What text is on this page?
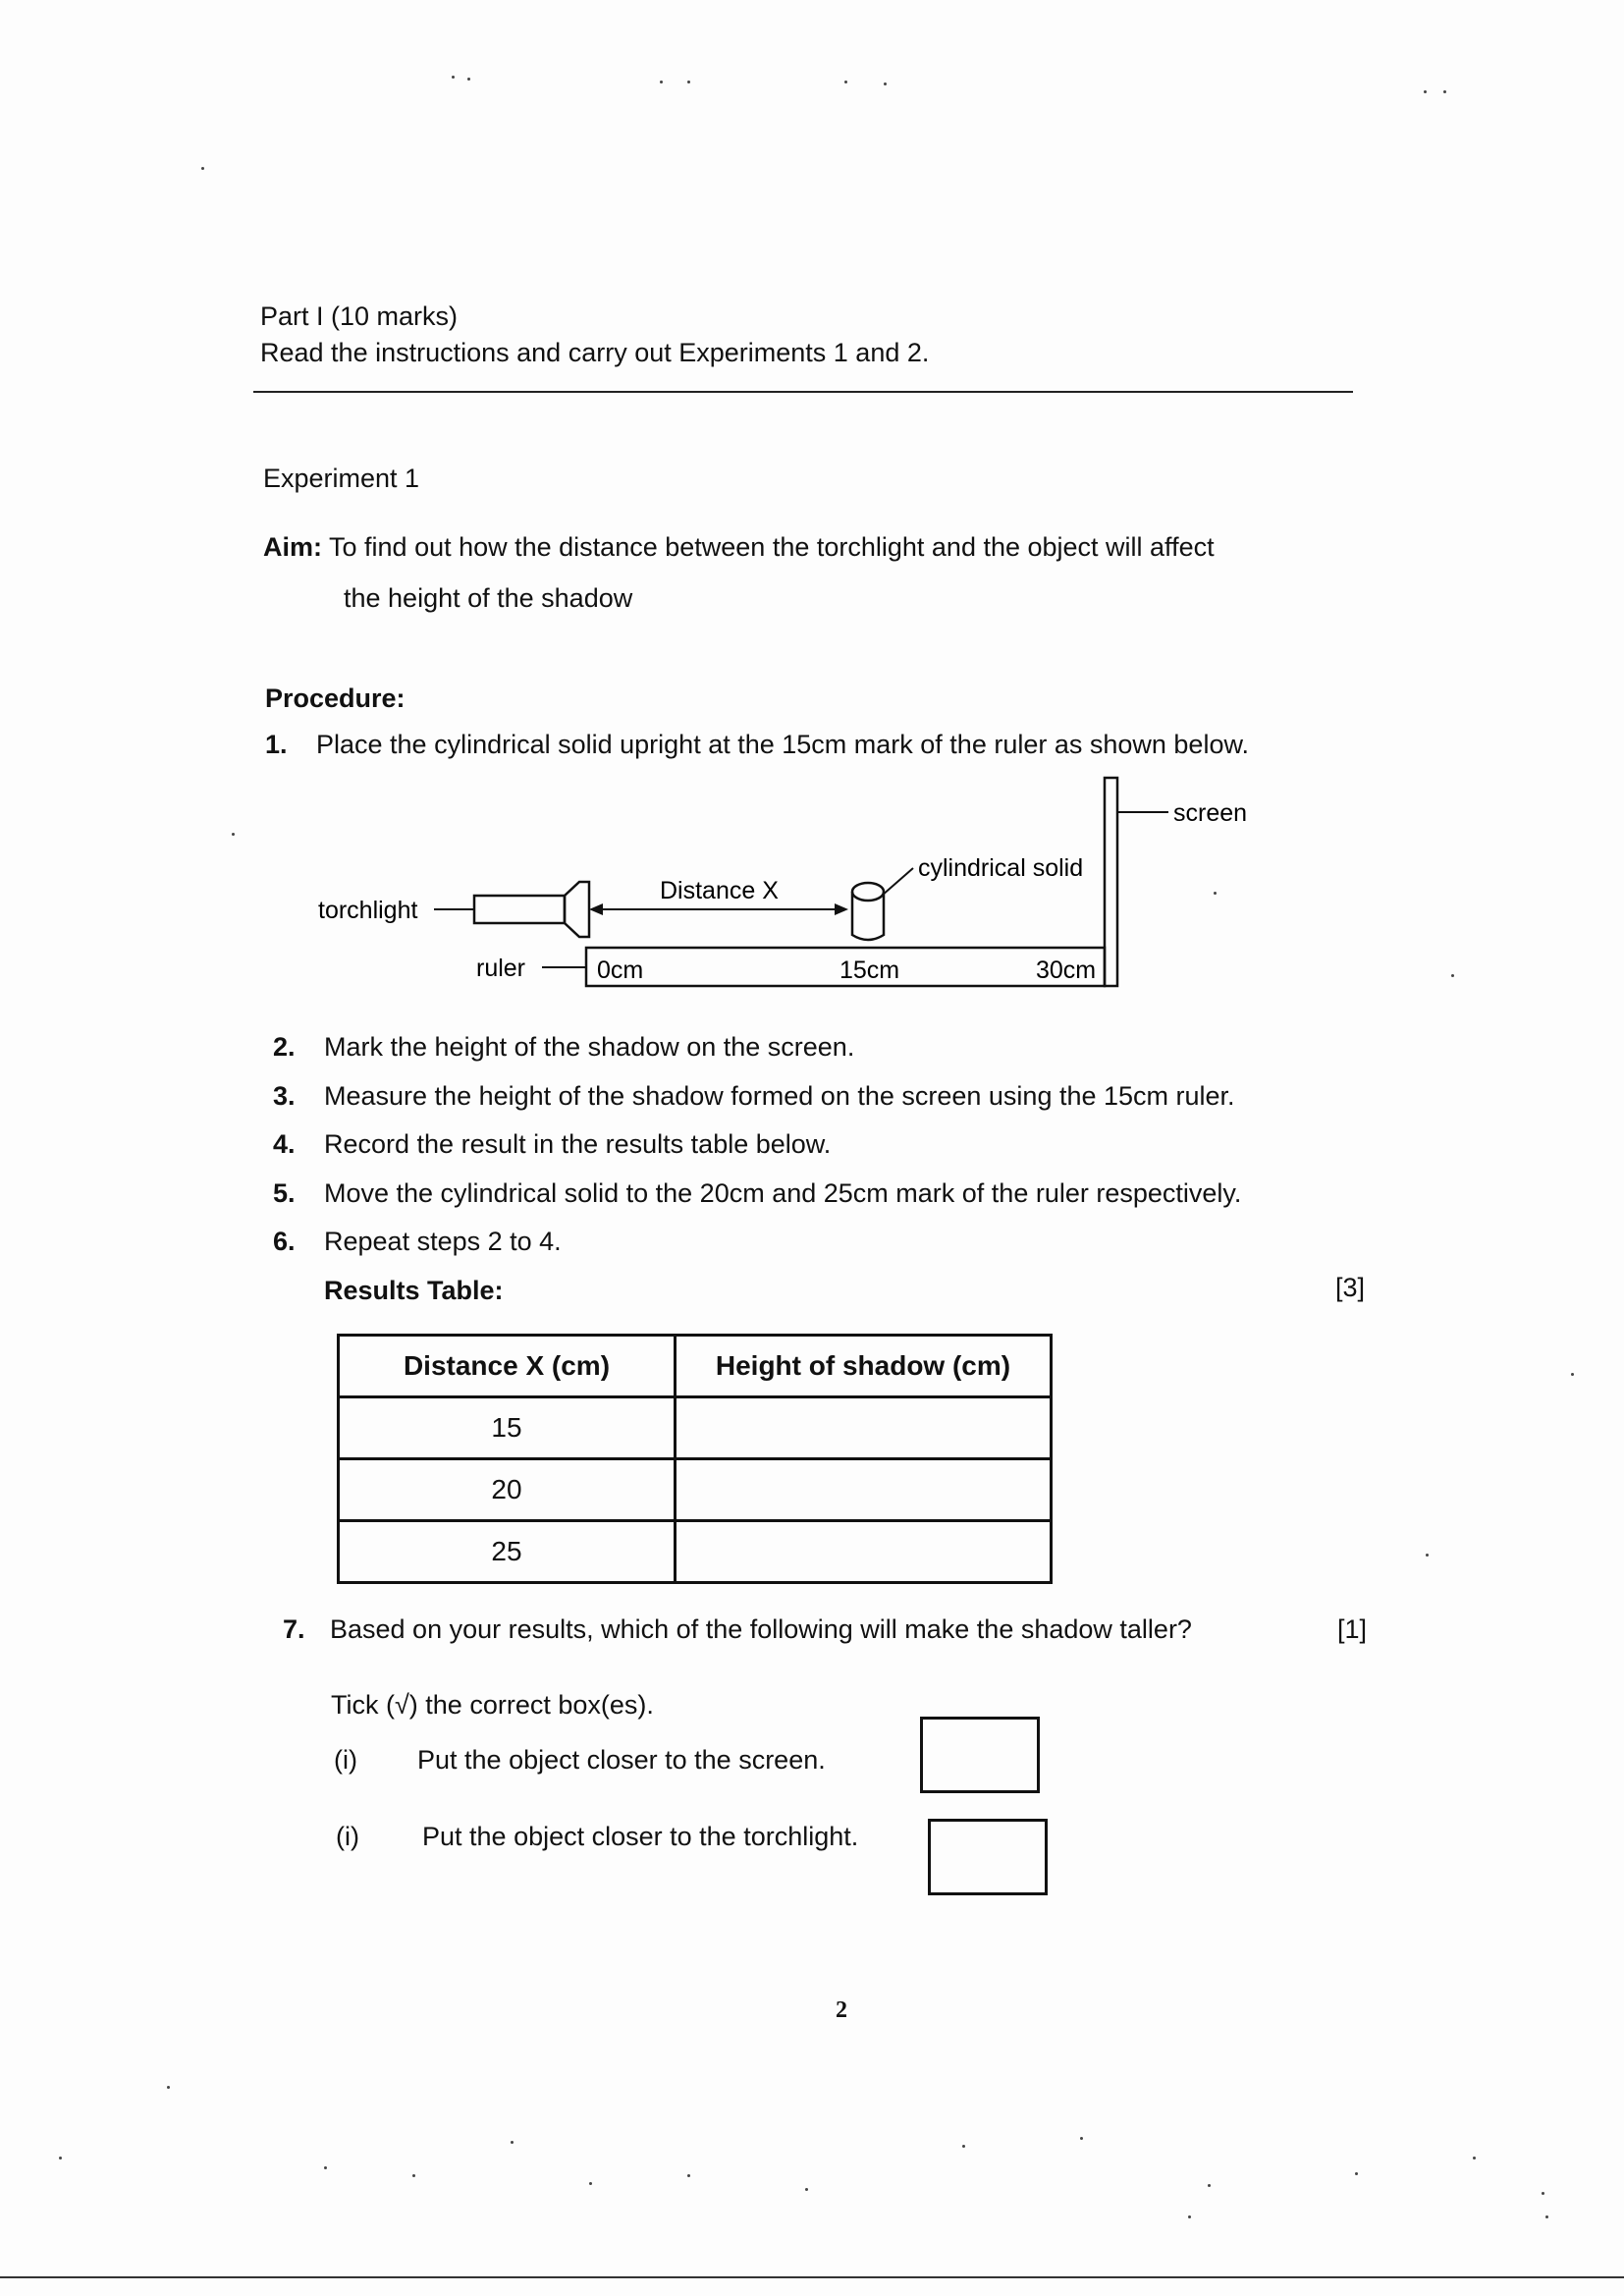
Part I (10 marks)
Read the instructions and carry out Experiments 1 and 2.
Experiment 1
Aim: To find out how the distance between the torchlight and the object will affect
the height of the shadow
Procedure:
1. Place the cylindrical solid upright at the 15cm mark of the ruler as shown below.
screen
0cm	15cm	30cm
ruler
torchlight
Distance X
cylindrical solid
2. Mark the height of the shadow on the screen.
3. Measure the height of the shadow formed on the screen using the 15cm ruler.
4. Record the result in the results table below.
5. Move the cylindrical solid to the 20cm and 25cm mark of the ruler respectively.
6. Repeat steps 2 to 4.
Results Table:	[3]
Distance X (cm)	Height of shadow (cm)
15	
20	
25	
7. Based on your results, which of the following will make the shadow taller?	[1]
Tick (√) the correct box(es).
(i) Put the object closer to the screen.
(i) Put the object closer to the torchlight.
2
